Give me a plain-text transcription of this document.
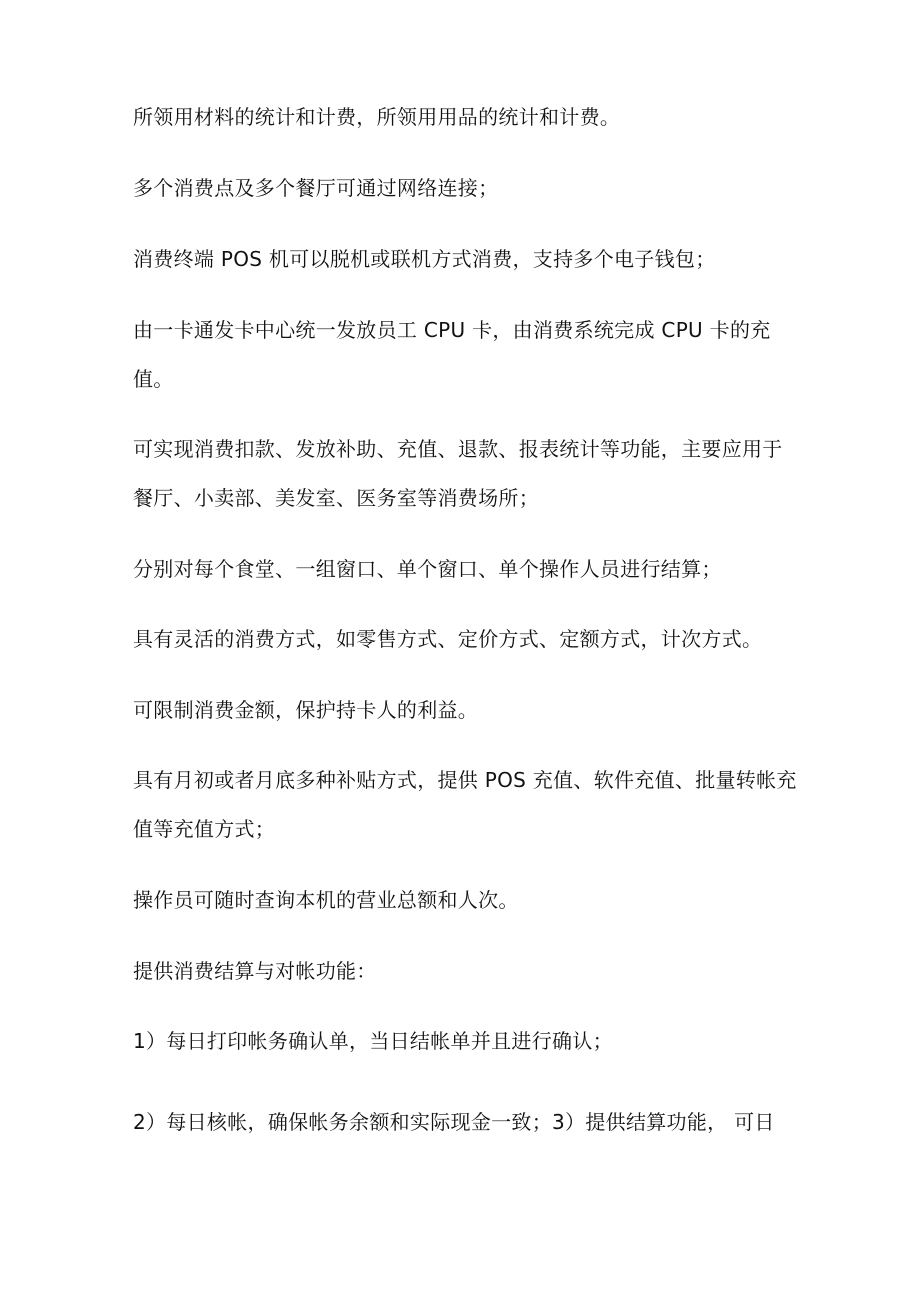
所领用材料的统计和计费，所领用用品的统计和计费。
多个消费点及多个餐厅可通过网络连接；
消费终端 POS 机可以脱机或联机方式消费，支持多个电子钱包；
由一卡通发卡中心统一发放员工 CPU 卡，由消费系统完成 CPU 卡的充
值。
可实现消费扣款、发放补助、充值、退款、报表统计等功能，主要应用于
餐厅、小卖部、美发室、医务室等消费场所；
分别对每个食堂、一组窗口、单个窗口、单个操作人员进行结算；
具有灵活的消费方式，如零售方式、定价方式、定额方式，计次方式。
可限制消费金额，保护持卡人的利益。
具有月初或者月底多种补贴方式，提供 POS 充值、软件充值、批量转帐充
值等充值方式；
操作员可随时查询本机的营业总额和人次。
提供消费结算与对帐功能：
1）每日打印帐务确认单，当日结帐单并且进行确认；
2）每日核帐，确保帐务余额和实际现金一致；3）提供结算功能， 可日
